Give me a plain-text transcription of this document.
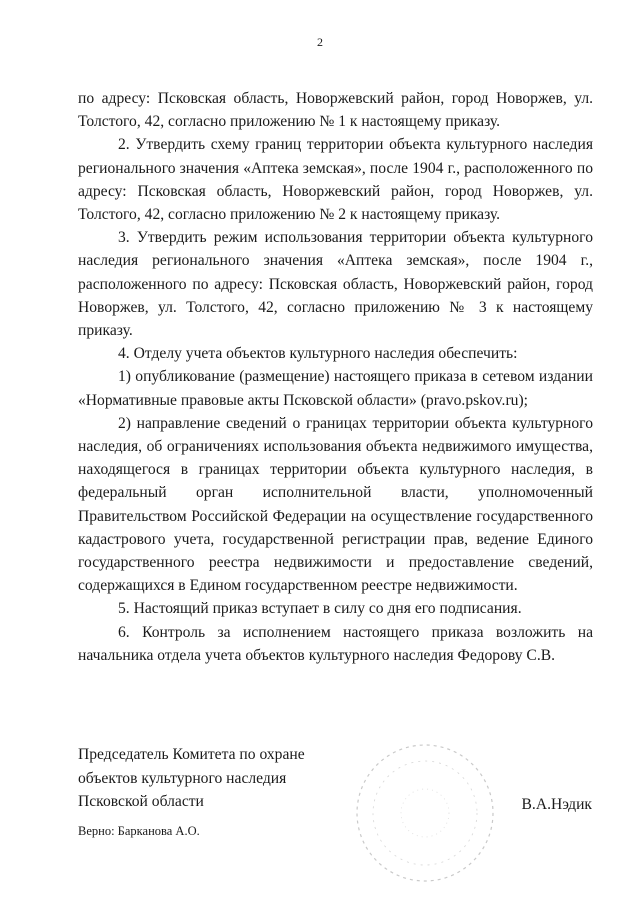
2

по адресу: Псковская область, Новоржевский район, город Новоржев, ул. Толстого, 42, согласно приложению № 1 к настоящему приказу.

2. Утвердить схему границ территории объекта культурного наследия регионального значения «Аптека земская», после 1904 г., расположенного по адресу: Псковская область, Новоржевский район, город Новоржев, ул. Толстого, 42, согласно приложению № 2 к настоящему приказу.

3. Утвердить режим использования территории объекта культурного наследия регионального значения «Аптека земская», после 1904 г., расположенного по адресу: Псковская область, Новоржевский район, город Новоржев, ул. Толстого, 42, согласно приложению № 3 к настоящему приказу.

4. Отделу учета объектов культурного наследия обеспечить:

1) опубликование (размещение) настоящего приказа в сетевом издании «Нормативные правовые акты Псковской области» (pravo.pskov.ru);

2) направление сведений о границах территории объекта культурного наследия, об ограничениях использования объекта недвижимого имущества, находящегося в границах территории объекта культурного наследия, в федеральный орган исполнительной власти, уполномоченный Правительством Российской Федерации на осуществление государственного кадастрового учета, государственной регистрации прав, ведение Единого государственного реестра недвижимости и предоставление сведений, содержащихся в Едином государственном реестре недвижимости.

5. Настоящий приказ вступает в силу со дня его подписания.

6. Контроль за исполнением настоящего приказа возложить на начальника отдела учета объектов культурного наследия Федорову С.В.

Председатель Комитета по охране
объектов культурного наследия
Псковской области	В.А.Нэдик
Верно: Барканова А.О.
